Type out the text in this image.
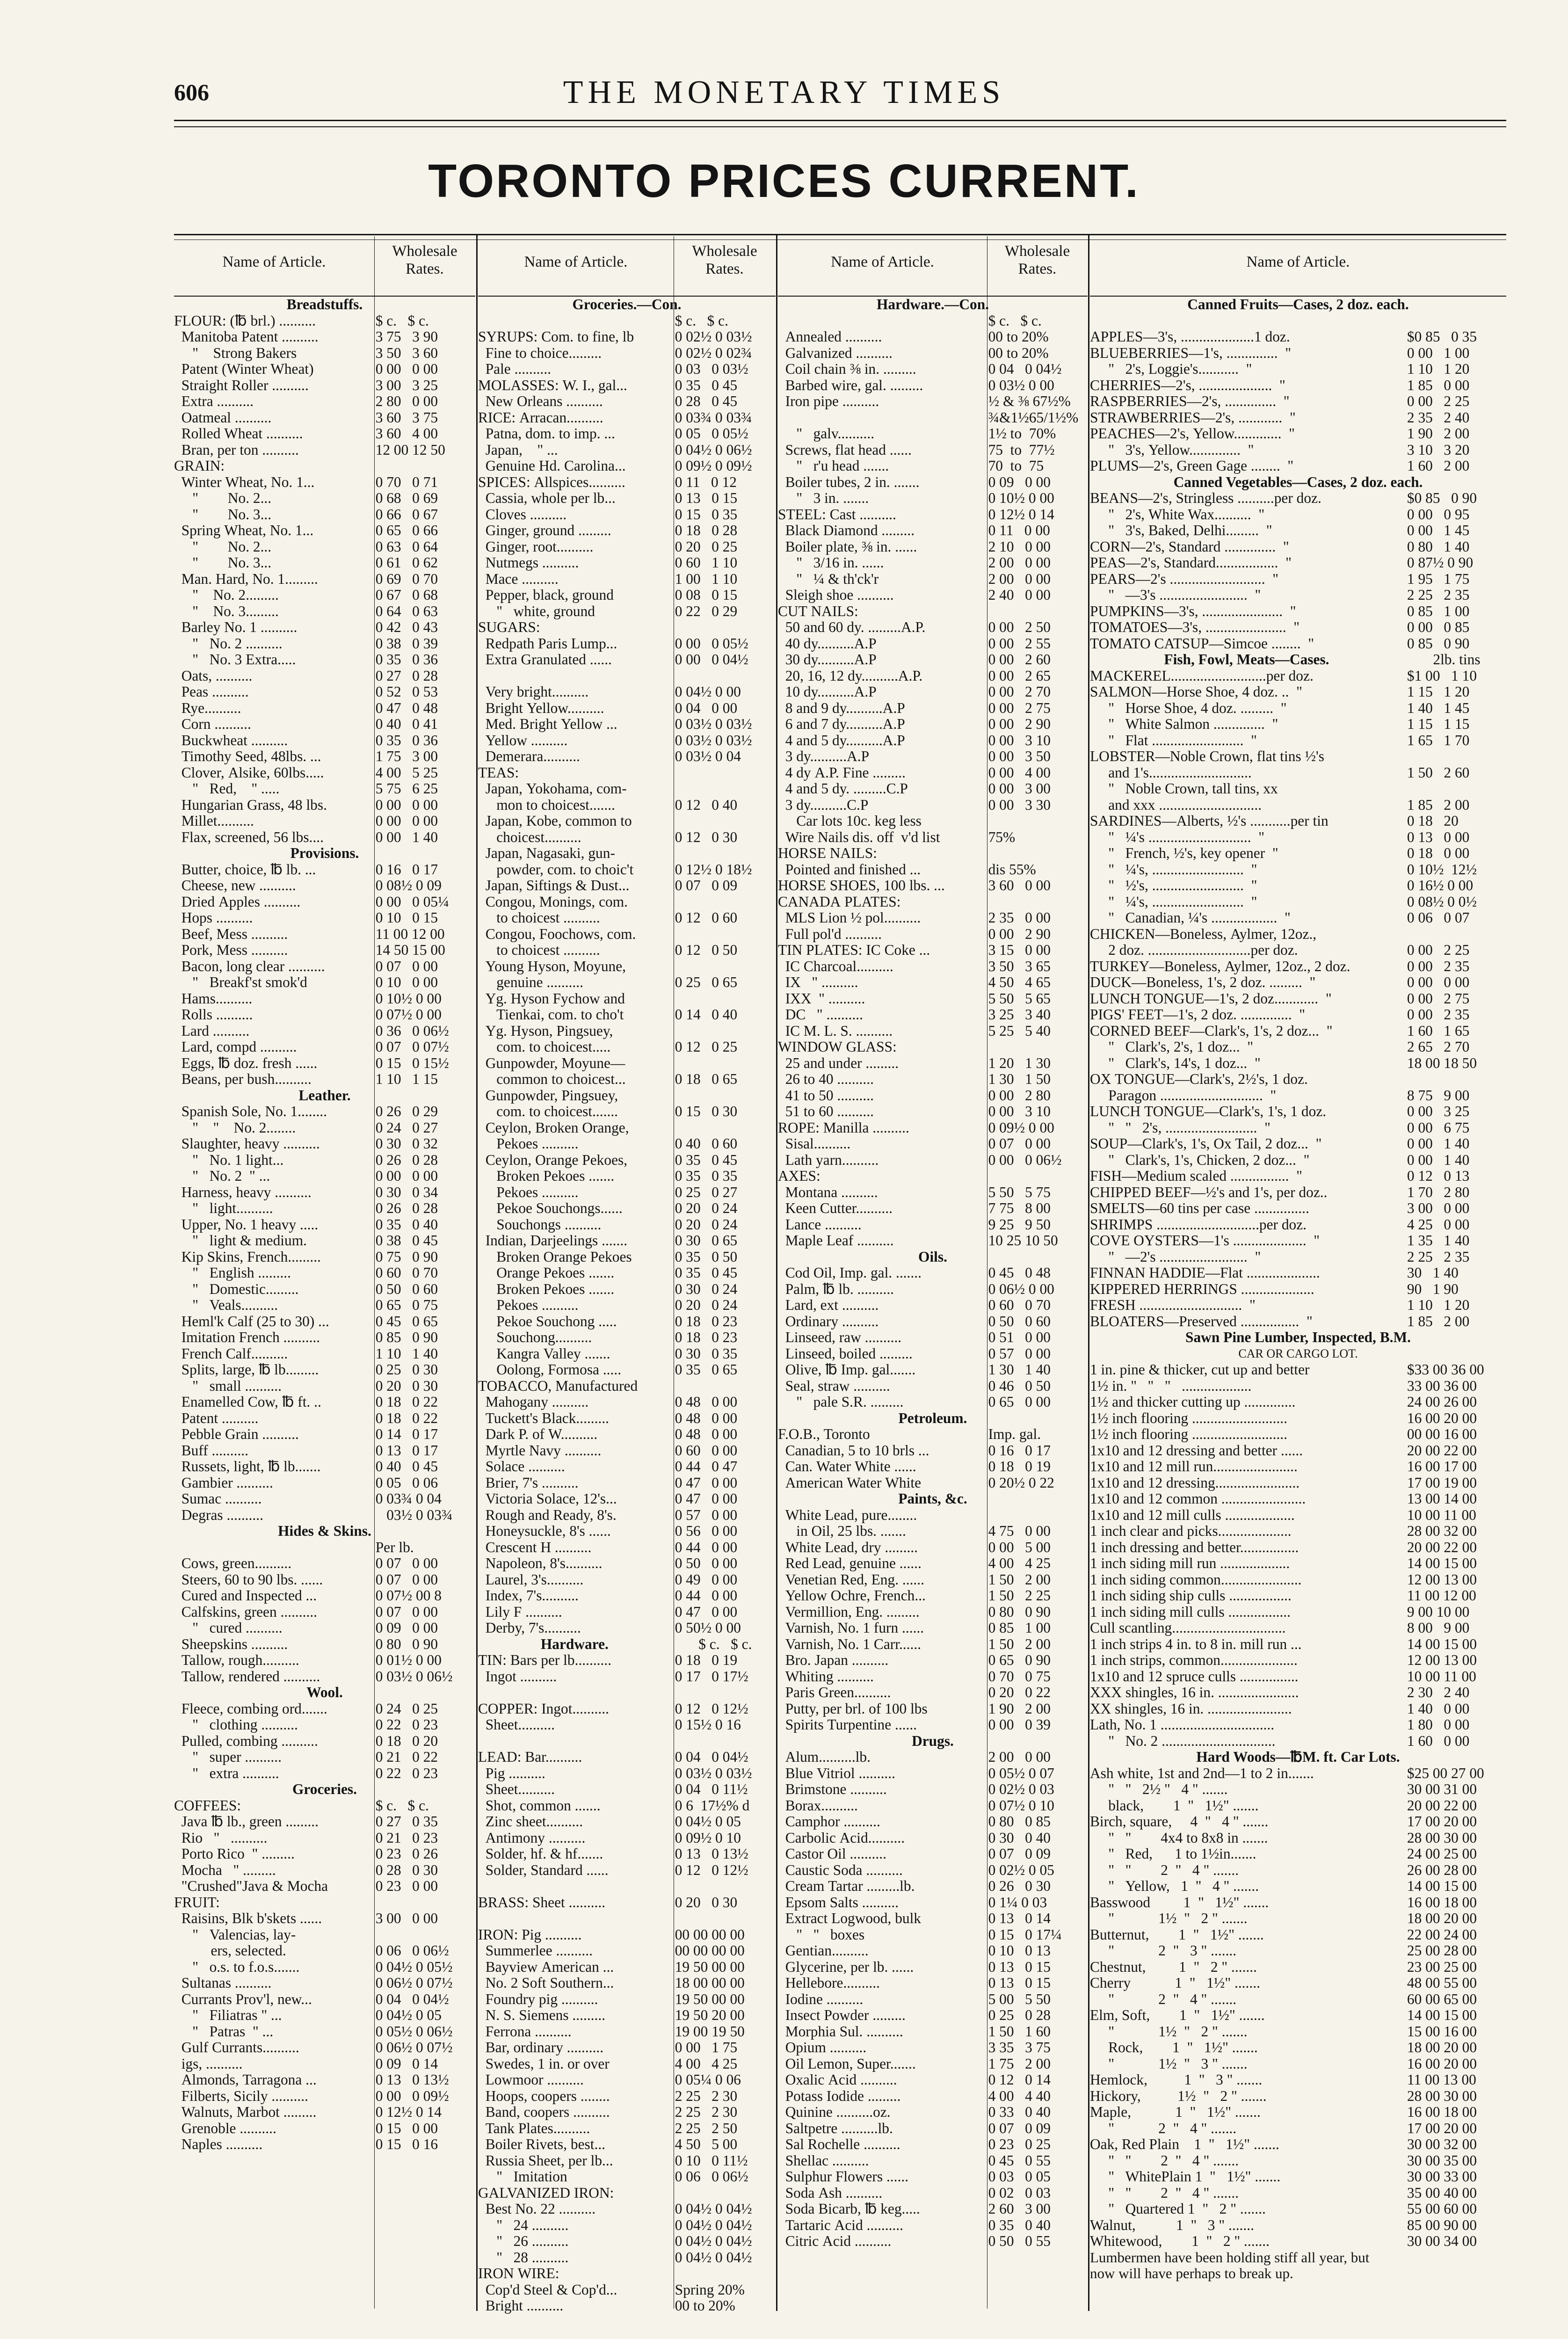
606	THE MONETARY TIMES
TORONTO PRICES CURRENT.
Name of Article.
Wholesale
Rates.
Breadstuffs.
FLOUR: (℔ brl.) ..........	$ c.   $ c.
Manitoba Patent ..........	3 75   3 90
"    Strong Bakers	3 50   3 60
Patent (Winter Wheat)	0 00   0 00
Straight Roller ..........	3 00   3 25
Extra ..........	2 80   0 00
Oatmeal ..........	3 60   3 75
Rolled Wheat ..........	3 60   4 00
Bran, per ton ..........	12 00 12 50
GRAIN:
Winter Wheat, No. 1...	0 70   0 71
"        No. 2...	0 68   0 69
"        No. 3...	0 66   0 67
Spring Wheat, No. 1...	0 65   0 66
"        No. 2...	0 63   0 64
"        No. 3...	0 61   0 62
Man. Hard, No. 1.........	0 69   0 70
"    No. 2.........	0 67   0 68
"    No. 3.........	0 64   0 63
Barley No. 1 ..........	0 42   0 43
"   No. 2 ..........	0 38   0 39
"   No. 3 Extra.....	0 35   0 36
Oats, ..........	0 27   0 28
Peas ..........	0 52   0 53
Rye..........	0 47   0 48
Corn ..........	0 40   0 41
Buckwheat ..........	0 35   0 36
Timothy Seed, 48lbs. ...	1 75   3 00
Clover, Alsike, 60lbs.....	4 00   5 25
"   Red,    " .....	5 75   6 25
Hungarian Grass, 48 lbs.	0 00   0 00
Millet..........	0 00   0 00
Flax, screened, 56 lbs....	0 00   1 40
Provisions.
Butter, choice, ℔ lb. ...	0 16   0 17
Cheese, new ..........	0 08½ 0 09
Dried Apples ..........	0 00   0 05¼
Hops ..........	0 10   0 15
Beef, Mess ..........	11 00 12 00
Pork, Mess ..........	14 50 15 00
Bacon, long clear ..........	0 07   0 00
"   Breakf'st smok'd	0 10   0 00
Hams..........	0 10½ 0 00
Rolls ..........	0 07½ 0 00
Lard ..........	0 36   0 06½
Lard, compd ..........	0 07   0 07½
Eggs, ℔ doz. fresh ......	0 15   0 15½
Beans, per bush..........	1 10   1 15
Leather.
Spanish Sole, No. 1........	0 26   0 29
"    "    No. 2........	0 24   0 27
Slaughter, heavy ..........	0 30   0 32
"   No. 1 light...	0 26   0 28
"   No. 2  " ...	0 00   0 00
Harness, heavy ..........	0 30   0 34
"   light..........	0 26   0 28
Upper, No. 1 heavy .....	0 35   0 40
"   light & medium.	0 38   0 45
Kip Skins, French.........	0 75   0 90
"   English .........	0 60   0 70
"   Domestic.........	0 50   0 60
"   Veals..........	0 65   0 75
Heml'k Calf (25 to 30) ...	0 45   0 65
Imitation French ..........	0 85   0 90
French Calf..........	1 10   1 40
Splits, large, ℔ lb.........	0 25   0 30
"   small ..........	0 20   0 30
Enamelled Cow, ℔ ft. ..	0 18   0 22
Patent ..........	0 18   0 22
Pebble Grain ..........	0 14   0 17
Buff ..........	0 13   0 17
Russets, light, ℔ lb.......	0 40   0 45
Gambier ..........	0 05   0 06
Sumac ..........	0 03¾ 0 04
Degras ..........	03½ 0 03¾
Hides & Skins.
Per lb.
Cows, green..........	0 07   0 00
Steers, 60 to 90 lbs. ......	0 07   0 00
Cured and Inspected ...	0 07½ 00 8
Calfskins, green ..........	0 07   0 00
"   cured ..........	0 09   0 00
Sheepskins ..........	0 80   0 90
Tallow, rough..........	0 01½ 0 00
Tallow, rendered ..........	0 03½ 0 06½
Wool.
Fleece, combing ord.......	0 24   0 25
"   clothing ..........	0 22   0 23
Pulled, combing ..........	0 18   0 20
"   super ..........	0 21   0 22
"   extra ..........	0 22   0 23
Groceries.
COFFEES:	$ c.   $ c.
Java ℔ lb., green .........	0 27   0 35
Rio   "   ..........	0 21   0 23
Porto Rico  " .........	0 23   0 26
Mocha   " .........	0 28   0 30
"Crushed"Java & Mocha	0 23   0 00
FRUIT:
Raisins, Blk b'skets ......	3 00   0 00
"   Valencias, lay-
ers, selected.	0 06   0 06½
"   o.s. to f.o.s.......	0 04½ 0 05½
Sultanas ..........	0 06½ 0 07½
Currants Prov'l, new...	0 04   0 04½
"   Filiatras " ...	0 04½ 0 05
"   Patras  " ...	0 05½ 0 06½
Gulf Currants..........	0 06½ 0 07½
igs, ..........	0 09   0 14
Almonds, Tarragona ...	0 13   0 13½
Filberts, Sicily ..........	0 00   0 09½
Walnuts, Marbot .........	0 12½ 0 14
Grenoble ..........	0 15   0 00
Naples ..........	0 15   0 16
Name of Article.
Wholesale
Rates.
Groceries.—Con.
$ c.   $ c.
SYRUPS: Com. to fine, lb	0 02½ 0 03½
Fine to choice.........	0 02½ 0 02¾
Pale ..........	0 03   0 03½
MOLASSES: W. I., gal...	0 35   0 45
New Orleans ..........	0 28   0 45
RICE: Arracan..........	0 03¾ 0 03¾
Patna, dom. to imp. ...	0 05   0 05½
Japan,    " ...	0 04½ 0 06½
Genuine Hd. Carolina...	0 09½ 0 09½
SPICES: Allspices..........	0 11   0 12
Cassia, whole per lb...	0 13   0 15
Cloves ..........	0 15   0 35
Ginger, ground .........	0 18   0 28
Ginger, root..........	0 20   0 25
Nutmegs ..........	0 60   1 10
Mace ..........	1 00   1 10
Pepper, black, ground	0 08   0 15
"   white, ground	0 22   0 29
SUGARS:
Redpath Paris Lump...	0 00   0 05½
Extra Granulated ......	0 00   0 04½
Very bright..........	0 04½ 0 00
Bright Yellow..........	0 04   0 00
Med. Bright Yellow ...	0 03½ 0 03½
Yellow ..........	0 03½ 0 03½
Demerara..........	0 03½ 0 04
TEAS:
Japan, Yokohama, com-
mon to choicest.......	0 12   0 40
Japan, Kobe, common to
choicest..........	0 12   0 30
Japan, Nagasaki, gun-
powder, com. to choic't	0 12½ 0 18½
Japan, Siftings & Dust...	0 07   0 09
Congou, Monings, com.
to choicest ..........	0 12   0 60
Congou, Foochows, com.
to choicest ..........	0 12   0 50
Young Hyson, Moyune,
genuine ..........	0 25   0 65
Yg. Hyson Fychow and
Tienkai, com. to cho't	0 14   0 40
Yg. Hyson, Pingsuey,
com. to choicest.....	0 12   0 25
Gunpowder, Moyune—
common to choicest...	0 18   0 65
Gunpowder, Pingsuey,
com. to choicest.......	0 15   0 30
Ceylon, Broken Orange,
Pekoes ..........	0 40   0 60
Ceylon, Orange Pekoes,	0 35   0 45
Broken Pekoes .......	0 35   0 35
Pekoes ..........	0 25   0 27
Pekoe Souchongs......	0 20   0 24
Souchongs ..........	0 20   0 24
Indian, Darjeelings .......	0 30   0 65
Broken Orange Pekoes	0 35   0 50
Orange Pekoes .......	0 35   0 45
Broken Pekoes .......	0 30   0 24
Pekoes ..........	0 20   0 24
Pekoe Souchong .....	0 18   0 23
Souchong..........	0 18   0 23
Kangra Valley .......	0 30   0 35
Oolong, Formosa .....	0 35   0 65
TOBACCO, Manufactured
Mahogany ..........	0 48   0 00
Tuckett's Black.........	0 48   0 00
Dark P. of W..........	0 48   0 00
Myrtle Navy ..........	0 60   0 00
Solace ..........	0 44   0 47
Brier, 7's ..........	0 47   0 00
Victoria Solace, 12's...	0 47   0 00
Rough and Ready, 8's.	0 57   0 00
Honeysuckle, 8's ......	0 56   0 00
Crescent H ..........	0 44   0 00
Napoleon, 8's..........	0 50   0 00
Laurel, 3's..........	0 49   0 00
Index, 7's..........	0 44   0 00
Lily F ..........	0 47   0 00
Derby, 7's..........	0 50½ 0 00
Hardware.	$ c.   $ c.
TIN: Bars per lb..........	0 18   0 19
Ingot ..........	0 17   0 17½
COPPER: Ingot..........	0 12   0 12½
Sheet..........	0 15½ 0 16
LEAD: Bar..........	0 04   0 04½
Pig ..........	0 03½ 0 03½
Sheet..........	0 04   0 11½
Shot, common .......	0 6  17½% d
Zinc sheet..........	0 04½ 0 05
Antimony ..........	0 09½ 0 10
Solder, hf. & hf.......	0 13   0 13½
Solder, Standard ......	0 12   0 12½
BRASS: Sheet ..........	0 20   0 30
IRON: Pig ..........	00 00 00 00
Summerlee ..........	00 00 00 00
Bayview American ...	19 50 00 00
No. 2 Soft Southern...	18 00 00 00
Foundry pig ..........	19 50 00 00
N. S. Siemens .........	19 50 20 00
Ferrona ..........	19 00 19 50
Bar, ordinary ..........	0 00   1 75
Swedes, 1 in. or over	4 00   4 25
Lowmoor ..........	0 05¼ 0 06
Hoops, coopers ........	2 25   2 30
Band, coopers ..........	2 25   2 30
Tank Plates..........	2 25   2 50
Boiler Rivets, best...	4 50   5 00
Russia Sheet, per lb...	0 10   0 11½
"   Imitation	0 06   0 06½
GALVANIZED IRON:
Best No. 22 ..........	0 04½ 0 04½
"   24 ..........	0 04½ 0 04½
"   26 ..........	0 04½ 0 04½
"   28 ..........	0 04½ 0 04½
IRON WIRE:
Cop'd Steel & Cop'd...	Spring 20%
Bright ..........	00 to 20%
Name of Article.
Wholesale
Rates.
Hardware.—Con.
$ c.   $ c.
Annealed ..........	00 to 20%
Galvanized ..........	00 to 20%
Coil chain ⅜ in. .........	0 04   0 04½
Barbed wire, gal. .........	0 03½ 0 00
Iron pipe ..........	½ & ⅜ 67½%
¾&1½65/1½%
"   galv..........	1½ to  70%
Screws, flat head ......	75  to  77½
"   r'u head .......	70  to  75
Boiler tubes, 2 in. .......	0 09   0 00
"   3 in. .......	0 10½ 0 00
STEEL: Cast ..........	0 12½ 0 14
Black Diamond .........	0 11   0 00
Boiler plate, ⅜ in. ......	2 10   0 00
"   3/16 in. ......	2 00   0 00
"   ¼ & th'ck'r	2 00   0 00
Sleigh shoe ..........	2 40   0 00
CUT NAILS:
50 and 60 dy. .........A.P.	0 00   2 50
40 dy..........A.P	0 00   2 55
30 dy..........A.P	0 00   2 60
20, 16, 12 dy..........A.P.	0 00   2 65
10 dy..........A.P	0 00   2 70
8 and 9 dy..........A.P	0 00   2 75
6 and 7 dy..........A.P	0 00   2 90
4 and 5 dy..........A.P	0 00   3 10
3 dy..........A.P	0 00   3 50
4 dy A.P. Fine .........	0 00   4 00
4 and 5 dy. .........C.P	0 00   3 00
3 dy..........C.P	0 00   3 30
Car lots 10c. keg less
Wire Nails dis. off  v'd list	75%
HORSE NAILS:
Pointed and finished ...	dis 55%
HORSE SHOES, 100 lbs. ...	3 60   0 00
CANADA PLATES:
MLS Lion ½ pol..........	2 35   0 00
Full pol'd ..........	0 00   2 90
TIN PLATES: IC Coke ...	3 15   0 00
IC Charcoal..........	3 50   3 65
IX   " ..........	4 50   4 65
IXX  " ..........	5 50   5 65
DC   " ..........	3 25   3 40
IC M. L. S. ..........	5 25   5 40
WINDOW GLASS:
25 and under .........	1 20   1 30
26 to 40 ..........	1 30   1 50
41 to 50 ..........	0 00   2 80
51 to 60 ..........	0 00   3 10
ROPE: Manilla ..........	0 09½ 0 00
Sisal..........	0 07   0 00
Lath yarn..........	0 00   0 06½
AXES:
Montana ..........	5 50   5 75
Keen Cutter..........	7 75   8 00
Lance ..........	9 25   9 50
Maple Leaf ..........	10 25 10 50
Oils.
Cod Oil, Imp. gal. .......	0 45   0 48
Palm, ℔ lb. ..........	0 06½ 0 00
Lard, ext ..........	0 60   0 70
Ordinary ..........	0 50   0 60
Linseed, raw ..........	0 51   0 00
Linseed, boiled .........	0 57   0 00
Olive, ℔ Imp. gal.......	1 30   1 40
Seal, straw ..........	0 46   0 50
"   pale S.R. .........	0 65   0 00
Petroleum.
F.O.B., Toronto	Imp. gal.
Canadian, 5 to 10 brls ...	0 16   0 17
Can. Water White ......	0 18   0 19
American Water White	0 20½ 0 22
Paints, &c.
White Lead, pure........
in Oil, 25 lbs. .......	4 75   0 00
White Lead, dry .........	0 00   5 00
Red Lead, genuine ......	4 00   4 25
Venetian Red, Eng. ......	1 50   2 00
Yellow Ochre, French...	1 50   2 25
Vermillion, Eng. .........	0 80   0 90
Varnish, No. 1 furn ......	0 85   1 00
Varnish, No. 1 Carr......	1 50   2 00
Bro. Japan ..........	0 65   0 90
Whiting ..........	0 70   0 75
Paris Green..........	0 20   0 22
Putty, per brl. of 100 lbs	1 90   2 00
Spirits Turpentine ......	0 00   0 39
Drugs.
Alum..........lb.	2 00   0 00
Blue Vitriol ..........	0 05½ 0 07
Brimstone ..........	0 02½ 0 03
Borax..........	0 07½ 0 10
Camphor ..........	0 80   0 85
Carbolic Acid..........	0 30   0 40
Castor Oil ..........	0 07   0 09
Caustic Soda ..........	0 02½ 0 05
Cream Tartar .........lb.	0 26   0 30
Epsom Salts ..........	0 1¼ 0 03
Extract Logwood, bulk	0 13   0 14
"   "   boxes	0 15   0 17¼
Gentian..........	0 10   0 13
Glycerine, per lb. ......	0 13   0 15
Hellebore..........	0 13   0 15
Iodine ..........	5 00   5 50
Insect Powder .........	0 25   0 28
Morphia Sul. ..........	1 50   1 60
Opium ..........	3 35   3 75
Oil Lemon, Super.......	1 75   2 00
Oxalic Acid ..........	0 12   0 14
Potass Iodide .........	4 00   4 40
Quinine ..........oz.	0 33   0 40
Saltpetre ..........lb.	0 07   0 09
Sal Rochelle ..........	0 23   0 25
Shellac ..........	0 45   0 55
Sulphur Flowers ......	0 03   0 05
Soda Ash ..........	0 02   0 03
Soda Bicarb, ℔ keg.....	2 60   3 00
Tartaric Acid ..........	0 35   0 40
Citric Acid ..........	0 50   0 55
Name of Article.
Canned Fruits—Cases, 2 doz. each.
APPLES—3's, ....................1 doz.	$0 85   0 35
BLUEBERRIES—1's, ..............  "	0 00   1 00
"   2's, Loggie's...........  "	1 10   1 20
CHERRIES—2's, ....................  "	1 85   0 00
RASPBERRIES—2's, ..............  "	0 00   2 25
STRAWBERRIES—2's, ............  "	2 35   2 40
PEACHES—2's, Yellow.............  "	1 90   2 00
"   3's, Yellow..............  "	3 10   3 20
PLUMS—2's, Green Gage ........  "	1 60   2 00
Canned Vegetables—Cases, 2 doz. each.
BEANS—2's, Stringless ..........per doz.	$0 85   0 90
"   2's, White Wax..........  "	0 00   0 95
"   3's, Baked, Delhi.........  "	0 00   1 45
CORN—2's, Standard ..............  "	0 80   1 40
PEAS—2's, Standard.................  "	0 87½ 0 90
PEARS—2's ..........................  "	1 95   1 75
"   —3's ........................  "	2 25   2 35
PUMPKINS—3's, ......................  "	0 85   1 00
TOMATOES—3's, ......................  "	0 00   0 85
TOMATO CATSUP—Simcoe ........  "	0 85   0 90
Fish, Fowl, Meats—Cases.	2lb. tins
MACKEREL..........................per doz.	$1 00   1 10
SALMON—Horse Shoe, 4 doz. ..  "	1 15   1 20
"   Horse Shoe, 4 doz. .........  "	1 40   1 45
"   White Salmon ..............  "	1 15   1 15
"   Flat .........................  "	1 65   1 70
LOBSTER—Noble Crown, flat tins ½'s
and 1's............................	1 50   2 60
"   Noble Crown, tall tins, xx
and xxx ............................	1 85   2 00
SARDINES—Alberts, ½'s ...........per tin	0 18   20
"   ¼'s ............................  "	0 13   0 00
"   French, ½'s, key opener  "	0 18   0 00
"   ¼'s, .........................  "	0 10½  12½
"   ½'s, .........................  "	0 16½ 0 00
"   ¼'s, .........................  "	0 08½ 0 0½
"   Canadian, ¼'s ..................  "	0 06   0 07
CHICKEN—Boneless, Aylmer, 12oz.,
2 doz. ............................per doz.	0 00   2 25
TURKEY—Boneless, Aylmer, 12oz., 2 doz.	0 00   2 35
DUCK—Boneless, 1's, 2 doz. .........  "	0 00   0 00
LUNCH TONGUE—1's, 2 doz............  "	0 00   2 75
PIGS' FEET—1's, 2 doz. ..............  "	0 00   2 35
CORNED BEEF—Clark's, 1's, 2 doz...  "	1 60   1 65
"   Clark's, 2's, 1 doz...  "	2 65   2 70
"   Clark's, 14's, 1 doz...  "	18 00 18 50
OX TONGUE—Clark's, 2½'s, 1 doz.
Paragon ............................  "	8 75   9 00
LUNCH TONGUE—Clark's, 1's, 1 doz.	0 00   3 25
"   "   2's, .........................  "	0 00   6 75
SOUP—Clark's, 1's, Ox Tail, 2 doz...  "	0 00   1 40
"   Clark's, 1's, Chicken, 2 doz...  "	0 00   1 40
FISH—Medium scaled ................  "	0 12   0 13
CHIPPED BEEF—½'s and 1's, per doz..	1 70   2 80
SMELTS—60 tins per case ...............	3 00   0 00
SHRIMPS ............................per doz.	4 25   0 00
COVE OYSTERS—1's ....................  "	1 35   1 40
"   —2's ........................  "	2 25   2 35
FINNAN HADDIE—Flat ....................	30   1 40
KIPPERED HERRINGS ....................	90   1 90
FRESH ............................  "	1 10   1 20
BLOATERS—Preserved ................  "	1 85   2 00
Sawn Pine Lumber, Inspected, B.M.
CAR OR CARGO LOT.
1 in. pine & thicker, cut up and better	$33 00 36 00
1½ in. "   "   "   ...................	33 00 36 00
1½ and thicker cutting up ..............	24 00 26 00
1½ inch flooring ..........................	16 00 20 00
1½ inch flooring ..........................	00 00 16 00
1x10 and 12 dressing and better ......	20 00 22 00
1x10 and 12 mill run.......................	16 00 17 00
1x10 and 12 dressing.......................	17 00 19 00
1x10 and 12 common .......................	13 00 14 00
1x10 and 12 mill culls ...................	10 00 11 00
1 inch clear and picks....................	28 00 32 00
1 inch dressing and better................	20 00 22 00
1 inch siding mill run ...................	14 00 15 00
1 inch siding common......................	12 00 13 00
1 inch siding ship culls .................	11 00 12 00
1 inch siding mill culls .................	9 00 10 00
Cull scantling...............................	8 00   9 00
1 inch strips 4 in. to 8 in. mill run ...	14 00 15 00
1 inch strips, common.....................	12 00 13 00
1x10 and 12 spruce culls ................	10 00 11 00
XXX shingles, 16 in. ......................	2 30   2 40
XX shingles, 16 in. .......................	1 40   0 00
Lath, No. 1 ...............................	1 80   0 00
"   No. 2 ...............................	1 60   0 00
Hard Woods—℔M. ft. Car Lots.
Ash white, 1st and 2nd—1 to 2 in.......	$25 00 27 00
"   "   2½ "   4 " .......	30 00 31 00
black,        1  "   1½" .......	20 00 22 00
Birch, square,     4  "   4 " .......	17 00 20 00
"   "        4x4 to 8x8 in .......	28 00 30 00
"   Red,      1 to 1½in.......	24 00 25 00
"   "        2  "   4 " .......	26 00 28 00
"   Yellow,   1  "   4 " .......	14 00 15 00
Basswood         1  "   1½" .......	16 00 18 00
"            1½  "   2 " .......	18 00 20 00
Butternut,        1  "   1½" .......	22 00 24 00
"            2  "   3 " .......	25 00 28 00
Chestnut,         1  "   2 " .......	23 00 25 00
Cherry            1  "   1½" .......	48 00 55 00
"            2  "   4 " .......	60 00 65 00
Elm, Soft,        1  "   1½" .......	14 00 15 00
"            1½  "   2 " .......	15 00 16 00
Rock,        1  "   1½" .......	18 00 20 00
"            1½  "   3 " .......	16 00 20 00
Hemlock,          1  "   3 " .......	11 00 13 00
Hickory,          1½  "   2 " .......	28 00 30 00
Maple,            1  "   1½" .......	16 00 18 00
"            2  "   4 " .......	17 00 20 00
Oak, Red Plain    1  "   1½" .......	30 00 32 00
"   "        2  "   4 " .......	30 00 35 00
"   WhitePlain 1  "   1½" .......	30 00 33 00
"   "        2  "   4 " .......	35 00 40 00
"   Quartered 1  "   2 " .......	55 00 60 00
Walnut,           1  "   3 " .......	85 00 90 00
Whitewood,        1  "   2 " .......	30 00 34 00
Lumbermen have been holding stiff all year, but
now will have perhaps to break up.
